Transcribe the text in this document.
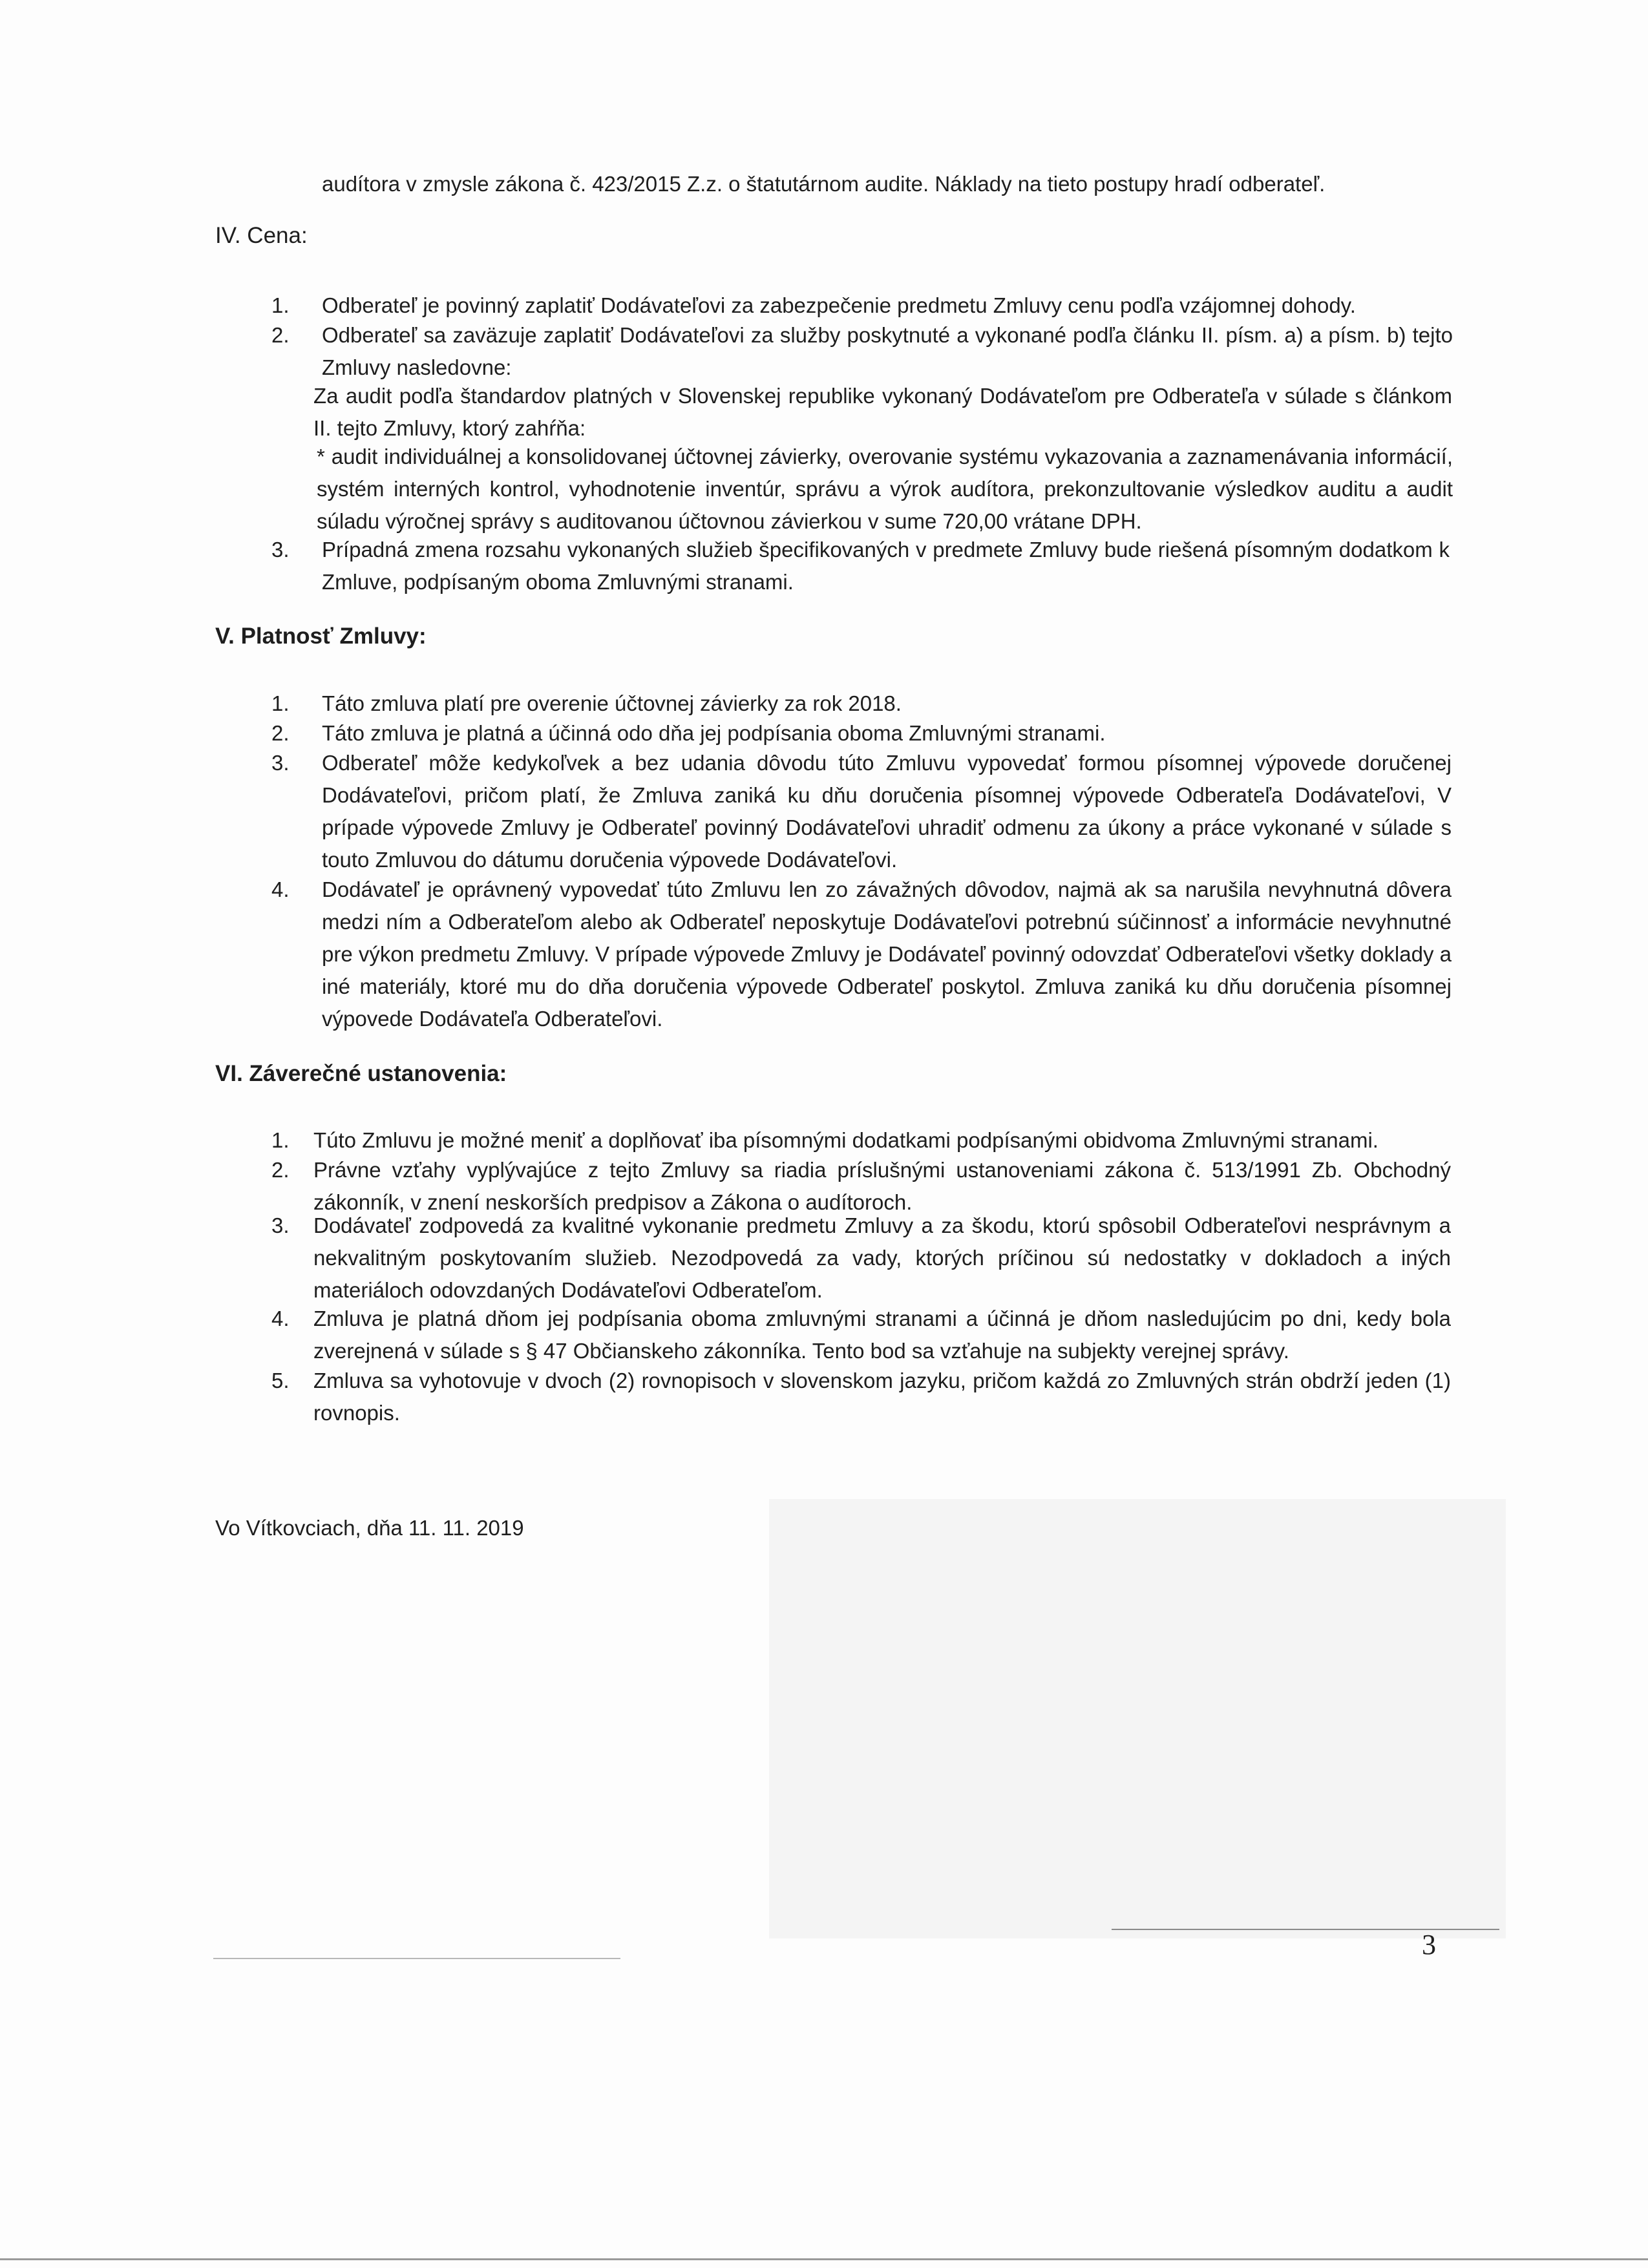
audítora v zmysle zákona č. 423/2015 Z.z. o štatutárnom audite. Náklady na tieto postupy hradí odberateľ.
IV. Cena:
1. Odberateľ je povinný zaplatiť Dodávateľovi za zabezpečenie predmetu Zmluvy cenu podľa vzájomnej dohody.
2. Odberateľ sa zaväzuje zaplatiť Dodávateľovi za služby poskytnuté a vykonané podľa článku II. písm. a) a písm. b) tejto Zmluvy nasledovne:
Za audit podľa štandardov platných v Slovenskej republike vykonaný Dodávateľom pre Odberateľa v súlade s článkom II. tejto Zmluvy, ktorý zahŕňa:
* audit individuálnej a konsolidovanej účtovnej závierky, overovanie systému vykazovania a zaznamenávania informácií, systém interných kontrol, vyhodnotenie inventúr, správu a výrok audítora, prekonzultovanie výsledkov auditu a audit súladu výročnej správy s auditovanou účtovnou závierkou v sume 720,00 vrátane DPH.
3. Prípadná zmena rozsahu vykonaných služieb špecifikovaných v predmete Zmluvy bude riešená písomným dodatkom k Zmluve, podpísaným oboma Zmluvnými stranami.
V. Platnosť Zmluvy:
1. Táto zmluva platí pre overenie účtovnej závierky za rok 2018.
2. Táto zmluva je platná a účinná odo dňa jej podpísania oboma Zmluvnými stranami.
3. Odberateľ môže kedykoľvek a bez udania dôvodu túto Zmluvu vypovedať formou písomnej výpovede doručenej Dodávateľovi, pričom platí, že Zmluva zaniká ku dňu doručenia písomnej výpovede Odberateľa Dodávateľovi, V prípade výpovede Zmluvy je Odberateľ povinný Dodávateľovi uhradiť odmenu za úkony a práce vykonané v súlade s touto Zmluvou do dátumu doručenia výpovede Dodávateľovi.
4. Dodávateľ je oprávnený vypovedať túto Zmluvu len zo závažných dôvodov, najmä ak sa narušila nevyhnutná dôvera medzi ním a Odberateľom alebo ak Odberateľ neposkytuje Dodávateľovi potrebnú súčinnosť a informácie nevyhnutné pre výkon predmetu Zmluvy. V prípade výpovede Zmluvy je Dodávateľ povinný odovzdať Odberateľovi všetky doklady a iné materiály, ktoré mu do dňa doručenia výpovede Odberateľ poskytol. Zmluva zaniká ku dňu doručenia písomnej výpovede Dodávateľa Odberateľovi.
VI. Záverečné ustanovenia:
1. Túto Zmluvu je možné meniť a doplňovať iba písomnými dodatkami podpísanými obidvoma Zmluvnými stranami.
2. Právne vzťahy vyplývajúce z tejto Zmluvy sa riadia príslušnými ustanoveniami zákona č. 513/1991 Zb. Obchodný zákonník, v znení neskorších predpisov a Zákona o audítoroch.
3. Dodávateľ zodpovedá za kvalitné vykonanie predmetu Zmluvy a za škodu, ktorú spôsobil Odberateľovi nesprávnym a nekvalitným poskytovaním služieb. Nezodpovedá za vady, ktorých príčinou sú nedostatky v dokladoch a iných materiáloch odovzdaných Dodávateľovi Odberateľom.
4. Zmluva je platná dňom jej podpísania oboma zmluvnými stranami a účinná je dňom nasledujúcim po dni, kedy bola zverejnená v súlade s § 47 Občianskeho zákonníka. Tento bod sa vzťahuje na subjekty verejnej správy.
5. Zmluva sa vyhotovuje v dvoch (2) rovnopisoch v slovenskom jazyku, pričom každá zo Zmluvných strán obdrží jeden (1) rovnopis.
Vo Vítkovciach, dňa 11. 11. 2019
3
